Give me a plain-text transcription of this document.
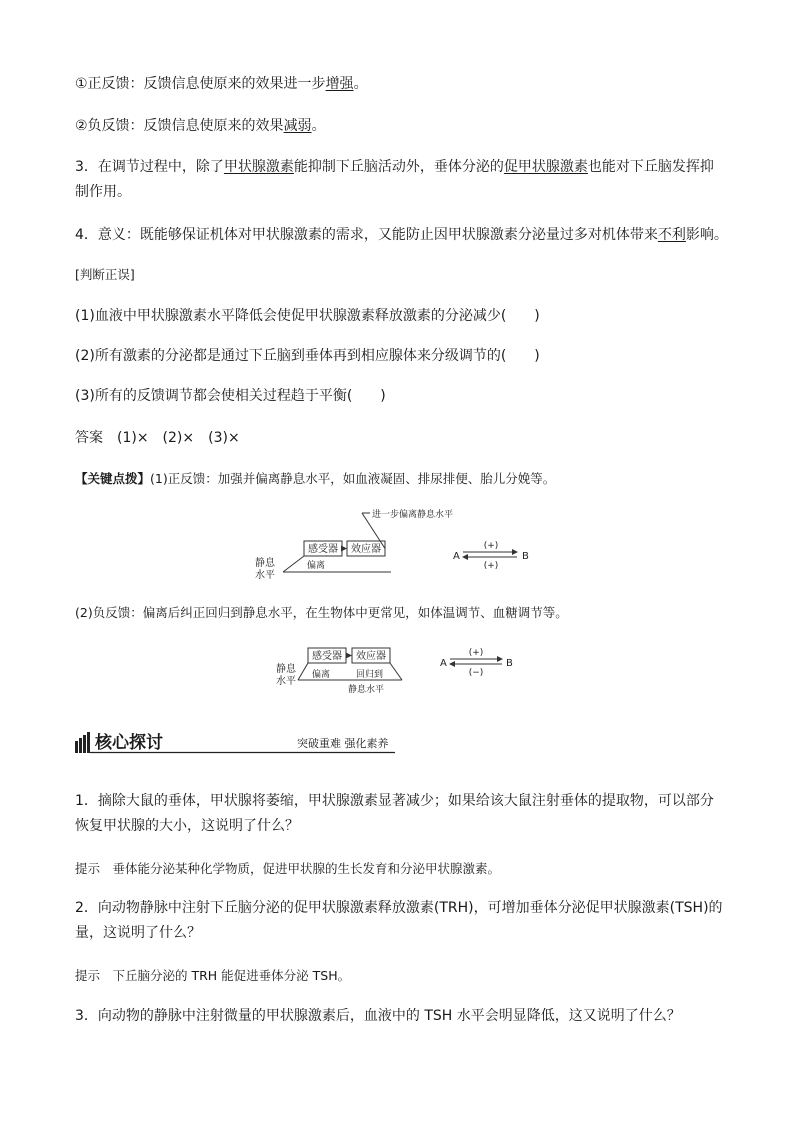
①正反馈：反馈信息使原来的效果进一步增强。
②负反馈：反馈信息使原来的效果减弱。
3．在调节过程中，除了甲状腺激素能抑制下丘脑活动外，垂体分泌的促甲状腺激素也能对下丘脑发挥抑
制作用。
4．意义：既能够保证机体对甲状腺激素的需求，又能防止因甲状腺激素分泌量过多对机体带来不利影响。
[判断正误]
(1)血液中甲状腺激素水平降低会使促甲状腺激素释放激素的分泌减少(　　)
(2)所有激素的分泌都是通过下丘脑到垂体再到相应腺体来分级调节的(　　)
(3)所有的反馈调节都会使相关过程趋于平衡(　　)
答案　(1)×　(2)×　(3)×
【关键点拨】(1)正反馈：加强并偏离静息水平，如血液凝固、排尿排便、胎儿分娩等。
感受器 效应器
进一步偏离静息水平
静息
水平
偏离
A	B
(+)
(+)
(2)负反馈：偏离后纠正回归到静息水平，在生物体中更常见，如体温调节、血糖调节等。
感受器 效应器
静息
水平
偏离	回归到
静息水平
A	B
(+)
(−)
核心探讨	突破重难 强化素养
1．摘除大鼠的垂体，甲状腺将萎缩，甲状腺激素显著减少；如果给该大鼠注射垂体的提取物，可以部分
恢复甲状腺的大小，这说明了什么？
提示　垂体能分泌某种化学物质，促进甲状腺的生长发育和分泌甲状腺激素。
2．向动物静脉中注射下丘脑分泌的促甲状腺激素释放激素(TRH)，可增加垂体分泌促甲状腺激素(TSH)的
量，这说明了什么？
提示　下丘脑分泌的 TRH 能促进垂体分泌 TSH。
3．向动物的静脉中注射微量的甲状腺激素后，血液中的 TSH 水平会明显降低，这又说明了什么？
